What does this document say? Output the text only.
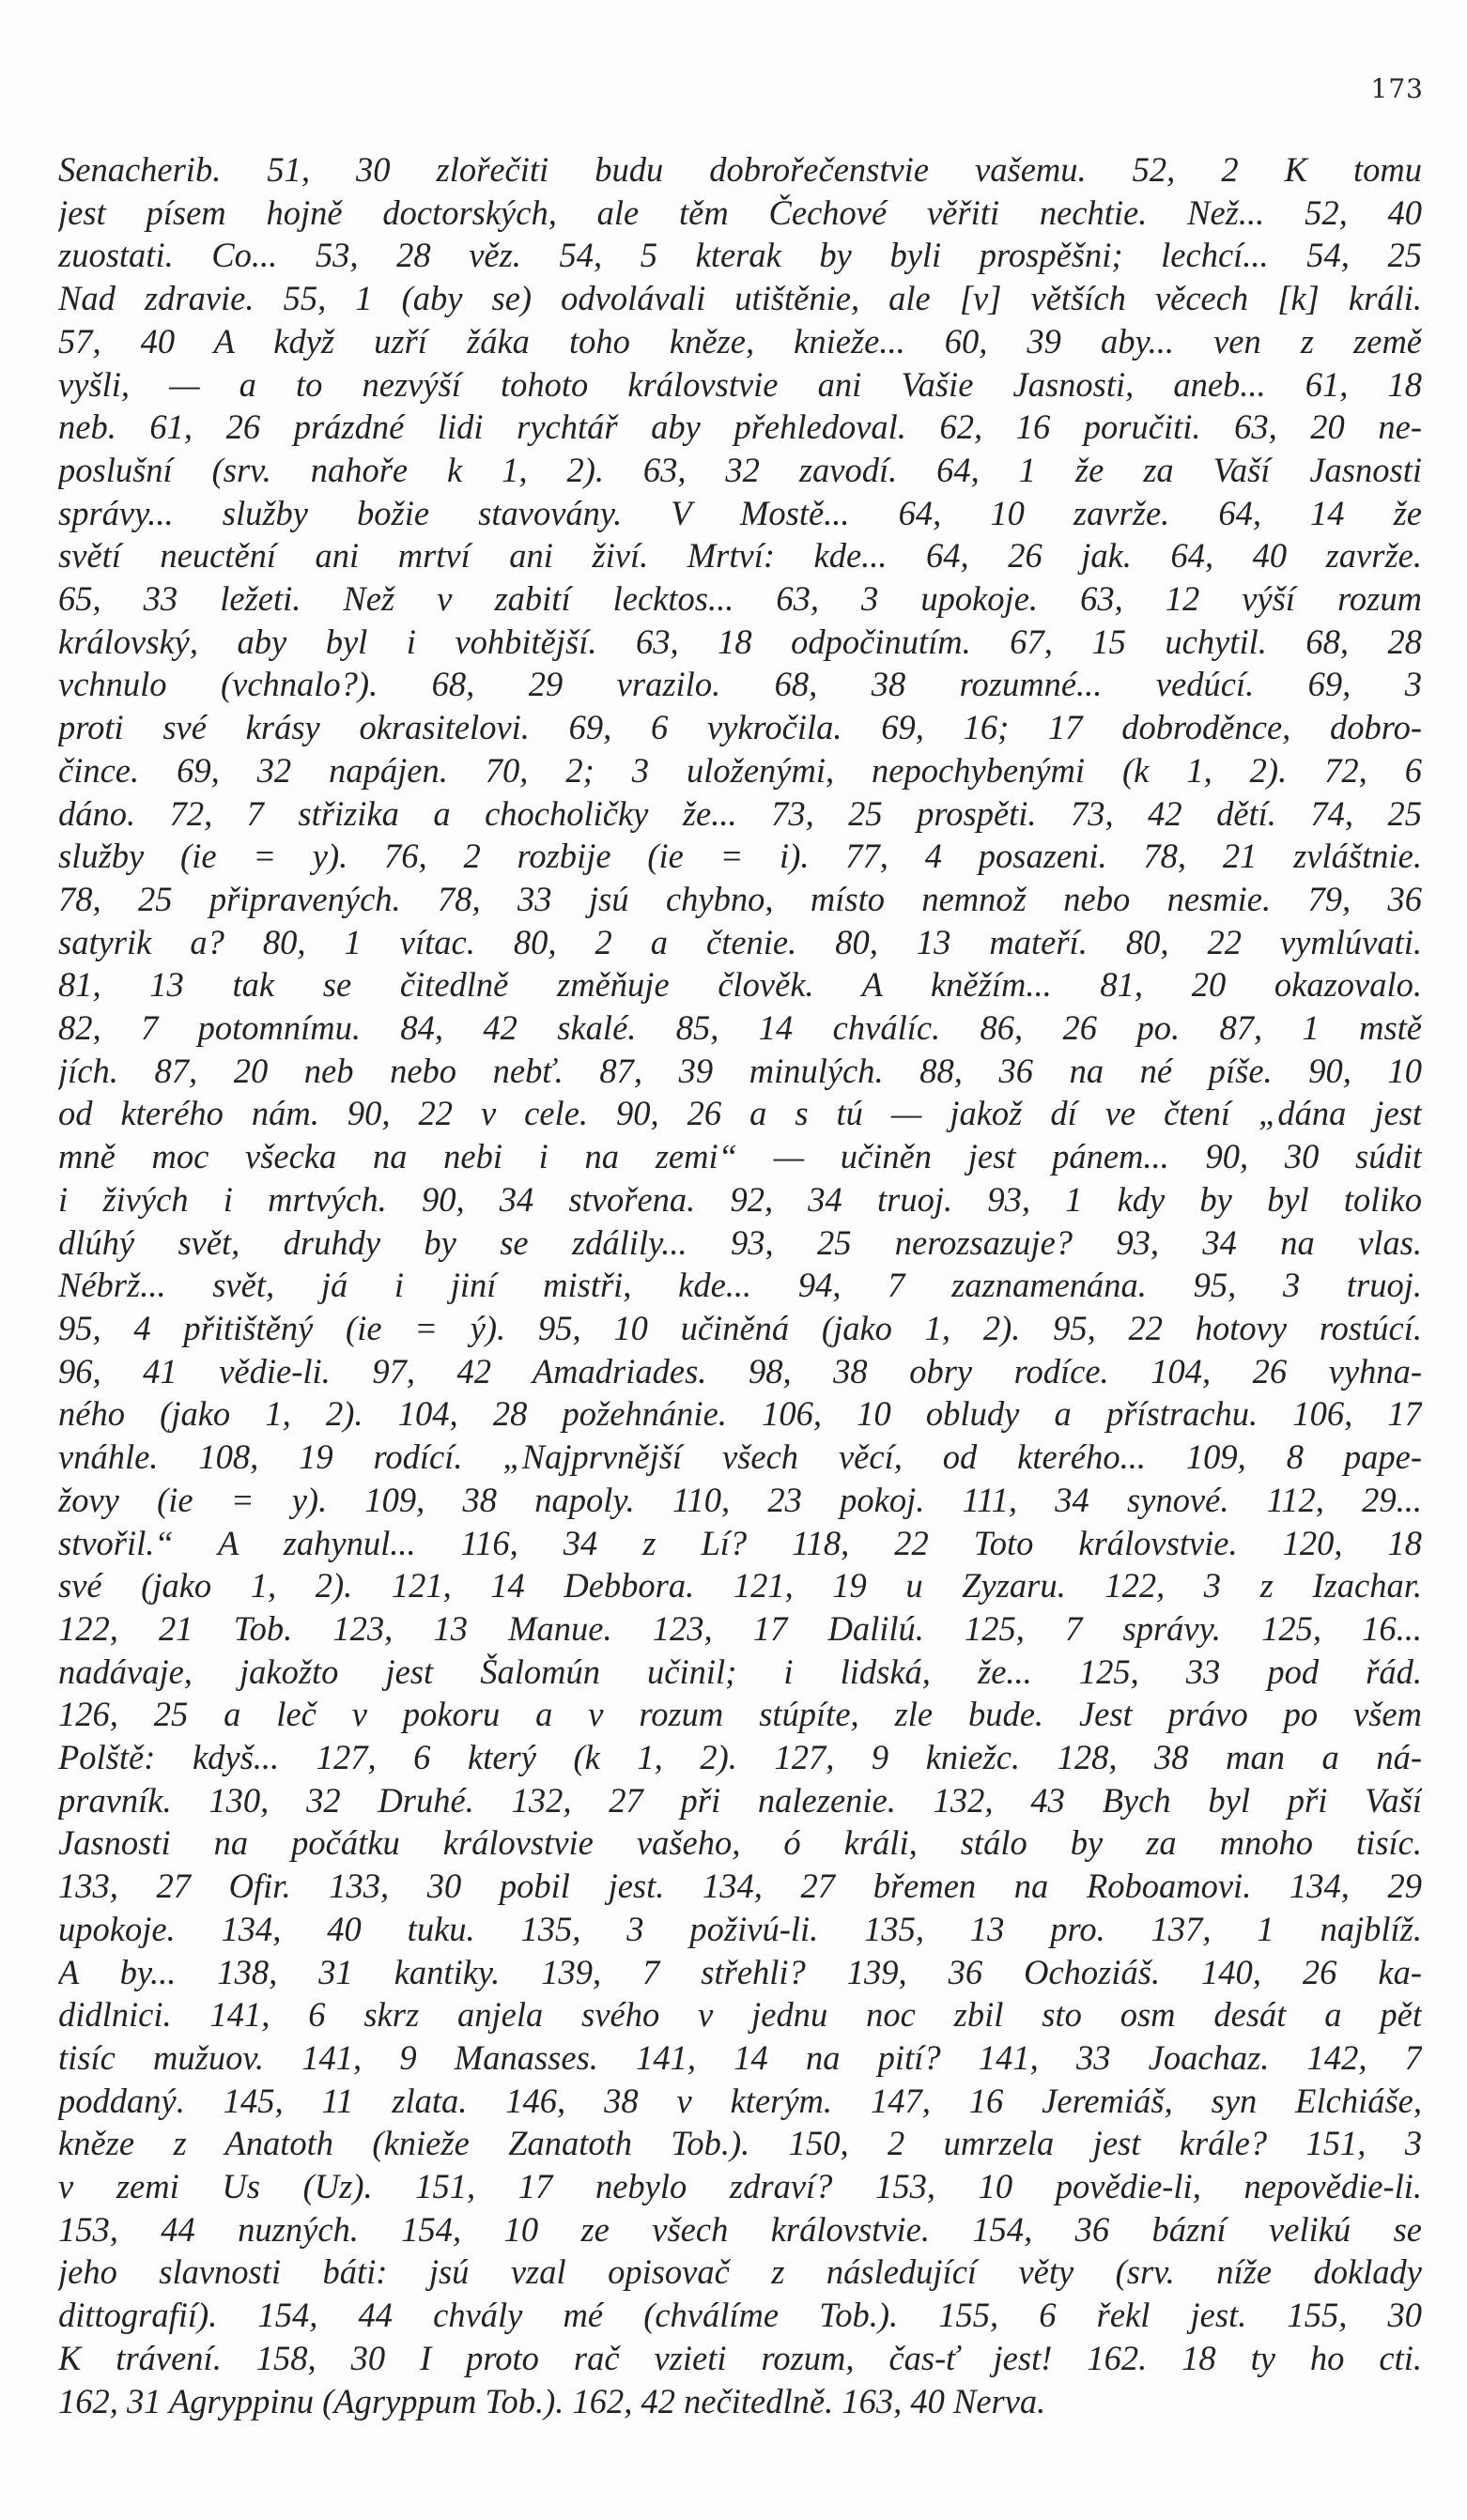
173
Senacherib. 51, 30 zlořečiti budu dobrořečenstvie vašemu. 52, 2 K tomu
jest písem hojně doctorských, ale těm Čechové věřiti nechtie. Než... 52, 40
zuostati. Co... 53, 28 věz. 54, 5 kterak by byli prospěšni; lechcí... 54, 25
Nad zdravie. 55, 1 (aby se) odvolávali utištěnie, ale [v] větších věcech [k] králi.
57, 40 A když uzří žáka toho kněze, knieže... 60, 39 aby... ven z země
vyšli, — a to nezvýší tohoto královstvie ani Vašie Jasnosti, aneb... 61, 18
neb. 61, 26 prázdné lidi rychtář aby přehledoval. 62, 16 poručiti. 63, 20 ne-
poslušní (srv. nahoře k 1, 2). 63, 32 zavodí. 64, 1 že za Vaší Jasnosti
správy... služby božie stavovány. V Mostě... 64, 10 zavrže. 64, 14 že
světí neuctění ani mrtví ani živí. Mrtví: kde... 64, 26 jak. 64, 40 zavrže.
65, 33 ležeti. Než v zabití lecktos... 63, 3 upokoje. 63, 12 výší rozum
královský, aby byl i vohbitější. 63, 18 odpočinutím. 67, 15 uchytil. 68, 28
vchnulo (vchnalo?). 68, 29 vrazilo. 68, 38 rozumné... vedúcí. 69, 3
proti své krásy okrasitelovi. 69, 6 vykročila. 69, 16; 17 dobroděnce, dobro-
čince. 69, 32 napájen. 70, 2; 3 uloženými, nepochybenými (k 1, 2). 72, 6
dáno. 72, 7 střizika a chocholičky že... 73, 25 prospěti. 73, 42 dětí. 74, 25
služby (ie = y). 76, 2 rozbije (ie = i). 77, 4 posazeni. 78, 21 zvláštnie.
78, 25 připravených. 78, 33 jsú chybno, místo nemnož nebo nesmie. 79, 36
satyrik a? 80, 1 vítac. 80, 2 a čtenie. 80, 13 mateří. 80, 22 vymlúvati.
81, 13 tak se čitedlně změňuje člověk. A kněžím... 81, 20 okazovalo.
82, 7 potomnímu. 84, 42 skalé. 85, 14 chválíc. 86, 26 po. 87, 1 mstě
jích. 87, 20 neb nebo nebť. 87, 39 minulých. 88, 36 na né píše. 90, 10
od kterého nám. 90, 22 v cele. 90, 26 a s tú — jakož dí ve čtení „dána jest
mně moc všecka na nebi i na zemi“ — učiněn jest pánem... 90, 30 súdit
i živých i mrtvých. 90, 34 stvořena. 92, 34 truoj. 93, 1 kdy by byl toliko
dlúhý svět, druhdy by se zdálily... 93, 25 nerozsazuje? 93, 34 na vlas.
Nébrž... svět, já i jiní mistři, kde... 94, 7 zaznamenána. 95, 3 truoj.
95, 4 přitištěný (ie = ý). 95, 10 učiněná (jako 1, 2). 95, 22 hotovy rostúcí.
96, 41 vědie-li. 97, 42 Amadriades. 98, 38 obry rodíce. 104, 26 vyhna-
ného (jako 1, 2). 104, 28 požehnánie. 106, 10 obludy a přístrachu. 106, 17
vnáhle. 108, 19 rodící. „Najprvnější všech věcí, od kterého... 109, 8 pape-
žovy (ie = y). 109, 38 napoly. 110, 23 pokoj. 111, 34 synové. 112, 29...
stvořil.“ A zahynul... 116, 34 z Lí? 118, 22 Toto královstvie. 120, 18
své (jako 1, 2). 121, 14 Debbora. 121, 19 u Zyzaru. 122, 3 z Izachar.
122, 21 Tob. 123, 13 Manue. 123, 17 Dalilú. 125, 7 správy. 125, 16...
nadávaje, jakožto jest Šalomún učinil; i lidská, že... 125, 33 pod řád.
126, 25 a leč v pokoru a v rozum stúpíte, zle bude. Jest právo po všem
Polště: kdyš... 127, 6 který (k 1, 2). 127, 9 kniežc. 128, 38 man a ná-
pravník. 130, 32 Druhé. 132, 27 při nalezenie. 132, 43 Bych byl při Vaší
Jasnosti na počátku královstvie vašeho, ó králi, stálo by za mnoho tisíc.
133, 27 Ofir. 133, 30 pobil jest. 134, 27 břemen na Roboamovi. 134, 29
upokoje. 134, 40 tuku. 135, 3 poživú-li. 135, 13 pro. 137, 1 najblíž.
A by... 138, 31 kantiky. 139, 7 střehli? 139, 36 Ochoziáš. 140, 26 ka-
didlnici. 141, 6 skrz anjela svého v jednu noc zbil sto osm desát a pět
tisíc mužuov. 141, 9 Manasses. 141, 14 na pití? 141, 33 Joachaz. 142, 7
poddaný. 145, 11 zlata. 146, 38 v kterým. 147, 16 Jeremiáš, syn Elchiáše,
kněze z Anatoth (knieže Zanatoth Tob.). 150, 2 umrzela jest krále? 151, 3
v zemi Us (Uz). 151, 17 nebylo zdraví? 153, 10 povědie-li, nepovědie-li.
153, 44 nuzných. 154, 10 ze všech královstvie. 154, 36 bázní velikú se
jeho slavnosti báti: jsú vzal opisovač z následující věty (srv. níže doklady
dittografií). 154, 44 chvály mé (chválíme Tob.). 155, 6 řekl jest. 155, 30
K trávení. 158, 30 I proto rač vzieti rozum, čas-ť jest! 162. 18 ty ho cti.
162, 31 Agryppinu (Agryppum Tob.). 162, 42 nečitedlně. 163, 40 Nerva.
